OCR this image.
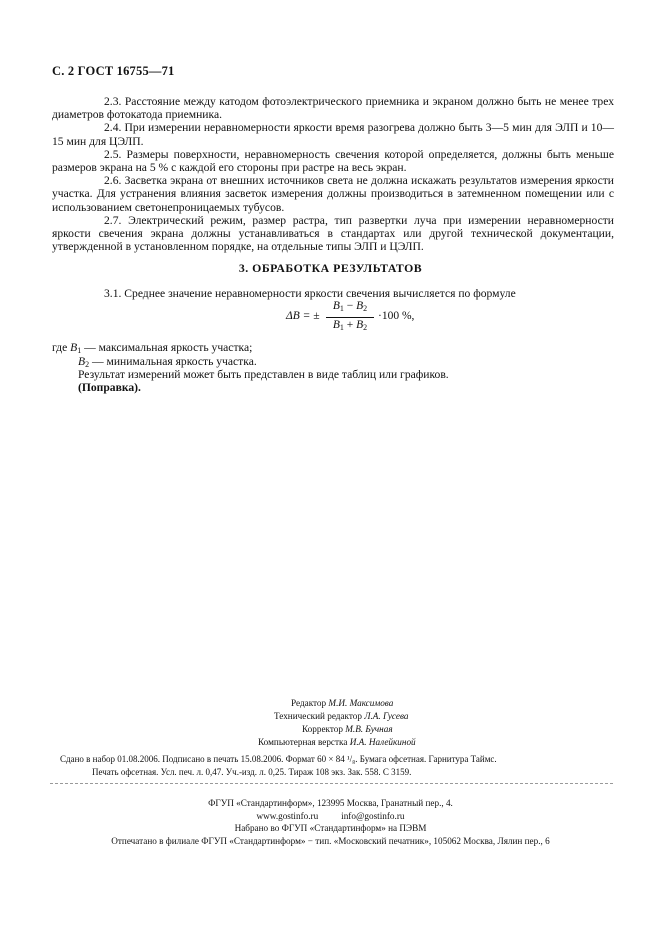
С. 2 ГОСТ 16755—71

2.3. Расстояние между катодом фотоэлектрического приемника и экраном должно быть не менее трех диаметров фотокатода приемника.

2.4. При измерении неравномерности яркости время разогрева должно быть 3—5 мин для ЭЛП и 10—15 мин для ЦЭЛП.

2.5. Размеры поверхности, неравномерность свечения которой определяется, должны быть меньше размеров экрана на 5 % с каждой его стороны при растре на весь экран.

2.6. Засветка экрана от внешних источников света не должна искажать результатов измерения яркости участка. Для устранения влияния засветок измерения должны производиться в затемненном помещении или с использованием светонепроницаемых тубусов.

2.7. Электрический режим, размер растра, тип развертки луча при измерении неравномерности яркости свечения экрана должны устанавливаться в стандартах или другой технической документации, утвержденной в установленном порядке, на отдельные типы ЭЛП и ЦЭЛП.

3. ОБРАБОТКА РЕЗУЛЬТАТОВ
3.1. Среднее значение неравномерности яркости свечения вычисляется по формуле
ΔB = ±
$B_1 - B_2$
$B_1 + B_2$
·100 %,
где $B_1$ — максимальная яркость участка;
$B_2$ — минимальная яркость участка.
Результат измерений может быть представлен в виде таблиц или графиков.
(Поправка).
Редактор М.И. Максимова
Технический редактор Л.А. Гусева
Корректор М.В. Бучная
Компьютерная верстка И.А. Налейкиной
Сдано в набор 01.08.2006. Подписано в печать 15.08.2006. Формат 60 × 84 ¹/₈. Бумага офсетная. Гарнитура Таймс.
Печать офсетная. Усл. печ. л. 0,47. Уч.-изд. л. 0,25. Тираж 108 экз. Зак. 558. С 3159.
ФГУП «Стандартинформ», 123995 Москва, Гранатный пер., 4.
www.gostinfo.ru          info@gostinfo.ru
Набрано во ФГУП «Стандартинформ» на ПЭВМ
Отпечатано в филиале ФГУП «Стандартинформ» − тип. «Московский печатник», 105062 Москва, Лялин пер., 6
